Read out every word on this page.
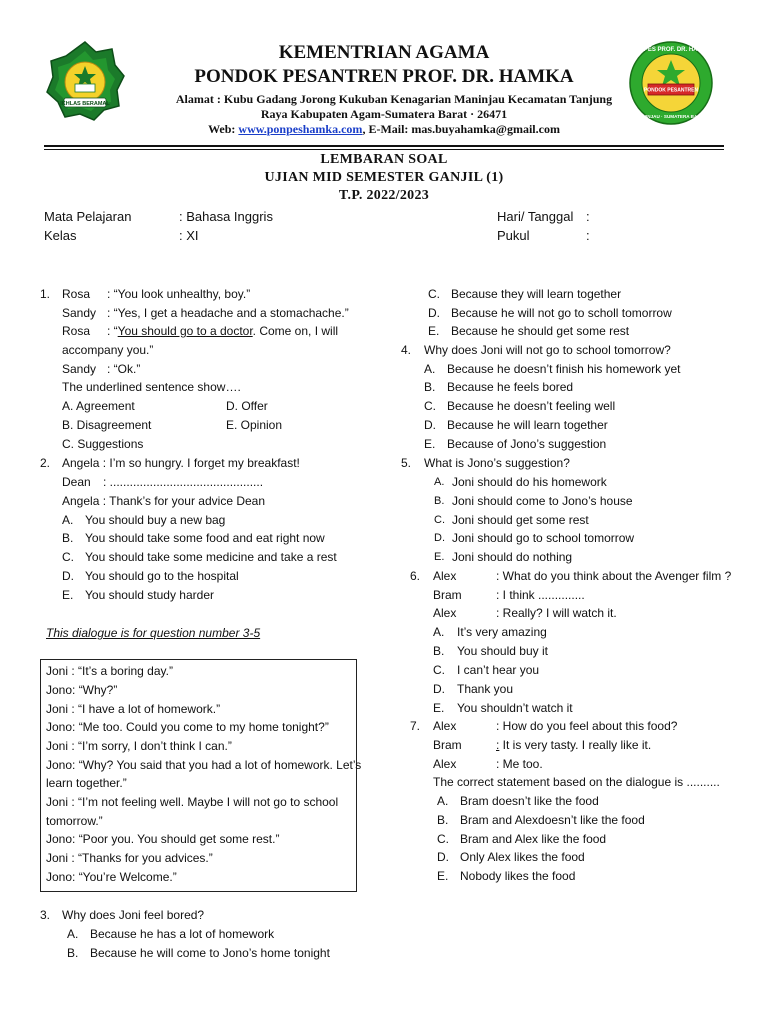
IKHLAS BERAMAL
KEMENTRIAN AGAMA
PONDOK PESANTREN PROF. DR. HAMKA
Alamat : Kubu Gadang Jorong Kukuban Kenagarian Maninjau Kecamatan Tanjung
Raya Kabupaten Agam-Sumatera Barat · 26471
Web: www.ponpeshamka.com, E-Mail: mas.buyahamka@gmail.com
PONDOK PESANTREN
PONPES PROF. DR. HAMKA
MANINJAU · SUMATERA BARAT
LEMBARAN SOAL
UJIAN MID SEMESTER GANJIL (1)
T.P. 2022/2023
Mata Pelajaran	: Bahasa Inggris
Kelas	: XI
Hari/ Tanggal :
Pukul	:
1. Rosa : “You look unhealthy, boy.”
Sandy : “Yes, I get a headache and a stomachache.”
Rosa : “You should go to a doctor. Come on, I will
accompany you.”
Sandy : “Ok.”
The underlined sentence show….
A. Agreement	D. Offer
B. Disagreement	E. Opinion
C. Suggestions
2. Angela : I’m so hungry. I forget my breakfast!
Dean : ..............................................
Angela : Thank’s for your advice Dean
A. You should buy a new bag
B. You should take some food and eat right now
C. You should take some medicine and take a rest
D. You should go to the hospital
E. You should study harder
This dialogue is for question number 3-5
Joni : “It’s a boring day.”
Jono: “Why?”
Joni : “I have a lot of homework.”
Jono: “Me too. Could you come to my home tonight?”
Joni : “I’m sorry, I don’t think I can.”
Jono: “Why? You said that you had a lot of homework. Let’s
learn together.”
Joni : “I’m not feeling well. Maybe I will not go to school
tomorrow.”
Jono: “Poor you. You should get some rest.”
Joni : “Thanks for you advices.”
Jono: “You’re Welcome.”
3. Why does Joni feel bored?
A. Because he has a lot of homework
B. Because he will come to Jono’s home tonight
C. Because they will learn together
D. Because he will not go to scholl tomorrow
E. Because he should get some rest
4. Why does Joni will not go to school tomorrow?
A. Because he doesn’t finish his homework yet
B. Because he feels bored
C. Because he doesn’t feeling well
D. Because he will learn together
E. Because of Jono’s suggestion
5. What is Jono’s suggestion?
A. Joni should do his homework
B. Joni should come to Jono’s house
C. Joni should get some rest
D. Joni should go to school tomorrow
E. Joni should do nothing
6. Alex	: What do you think about the Avenger film ?
Bram	: I think ..............
Alex	: Really? I will watch it.
A. It’s very amazing
B. You should buy it
C. I can’t hear you
D. Thank you
E. You shouldn’t watch it
7. Alex	: How do you feel about this food?
Bram	: It is very tasty. I really like it.
Alex	: Me too.
The correct statement based on the dialogue is ..........
A. Bram doesn’t like the food
B. Bram and Alexdoesn’t like the food
C. Bram and Alex like the food
D. Only Alex likes the food
E. Nobody likes the food
